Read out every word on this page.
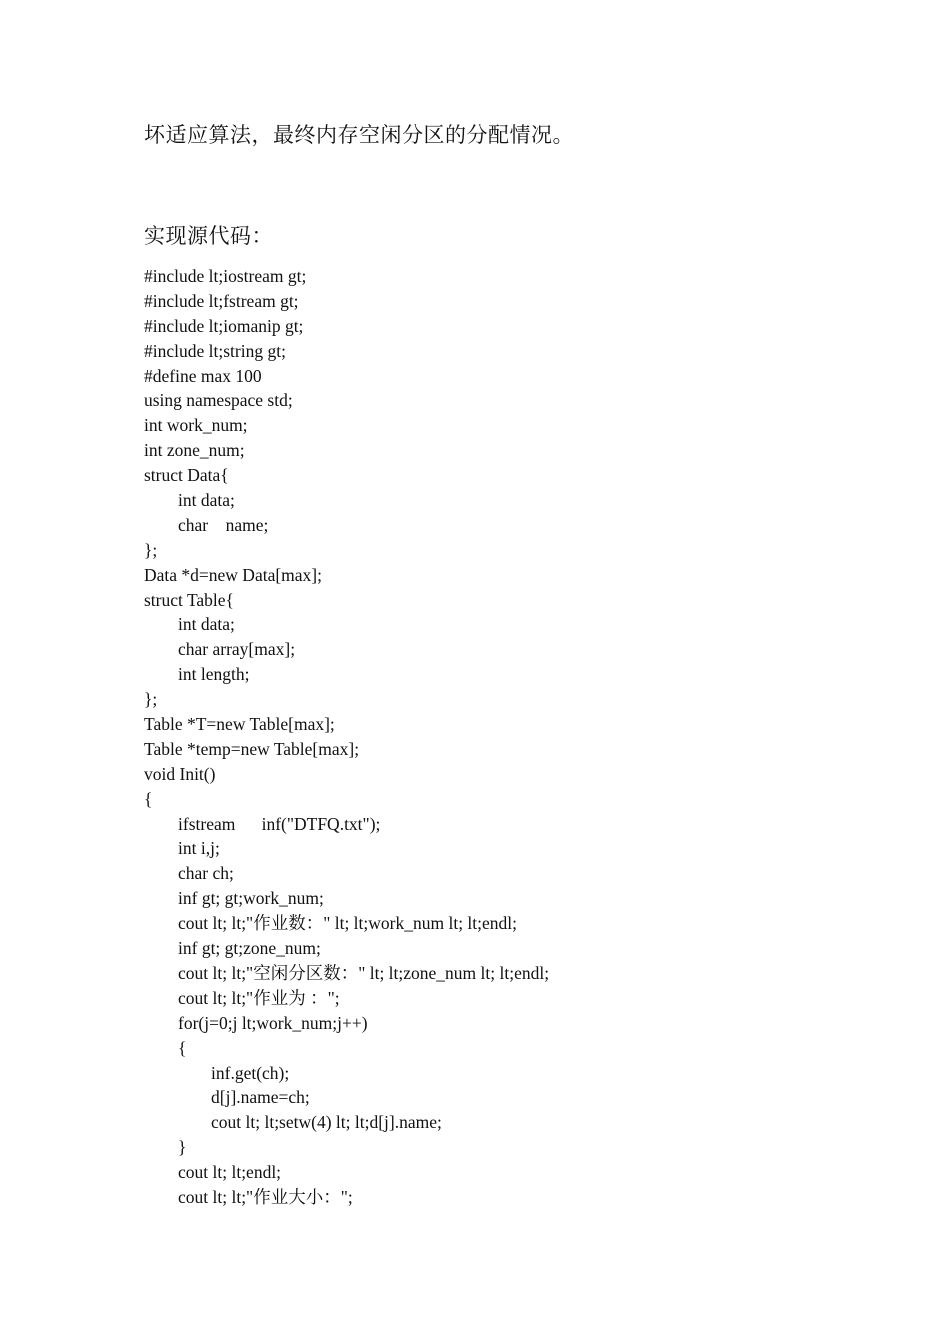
坏适应算法，最终内存空闲分区的分配情况。
实现源代码：
#include lt;iostream gt;
#include lt;fstream gt;
#include lt;iomanip gt;
#include lt;string gt;
#define max 100
using namespace std;
int work_num;
int zone_num;
struct Data{
int data;
char    name;
};
Data *d=new Data[max];
struct Table{
int data;
char array[max];
int length;
};
Table *T=new Table[max];
Table *temp=new Table[max];
void Init()
{
ifstream      inf("DTFQ.txt");
int i,j;
char ch;
inf gt; gt;work_num;
cout lt; lt;"作业数：" lt; lt;work_num lt; lt;endl;
inf gt; gt;zone_num;
cout lt; lt;"空闲分区数：" lt; lt;zone_num lt; lt;endl;
cout lt; lt;"作业为 ：";
for(j=0;j lt;work_num;j++)
{
inf.get(ch);
d[j].name=ch;
cout lt; lt;setw(4) lt; lt;d[j].name;
}
cout lt; lt;endl;
cout lt; lt;"作业大小：";
